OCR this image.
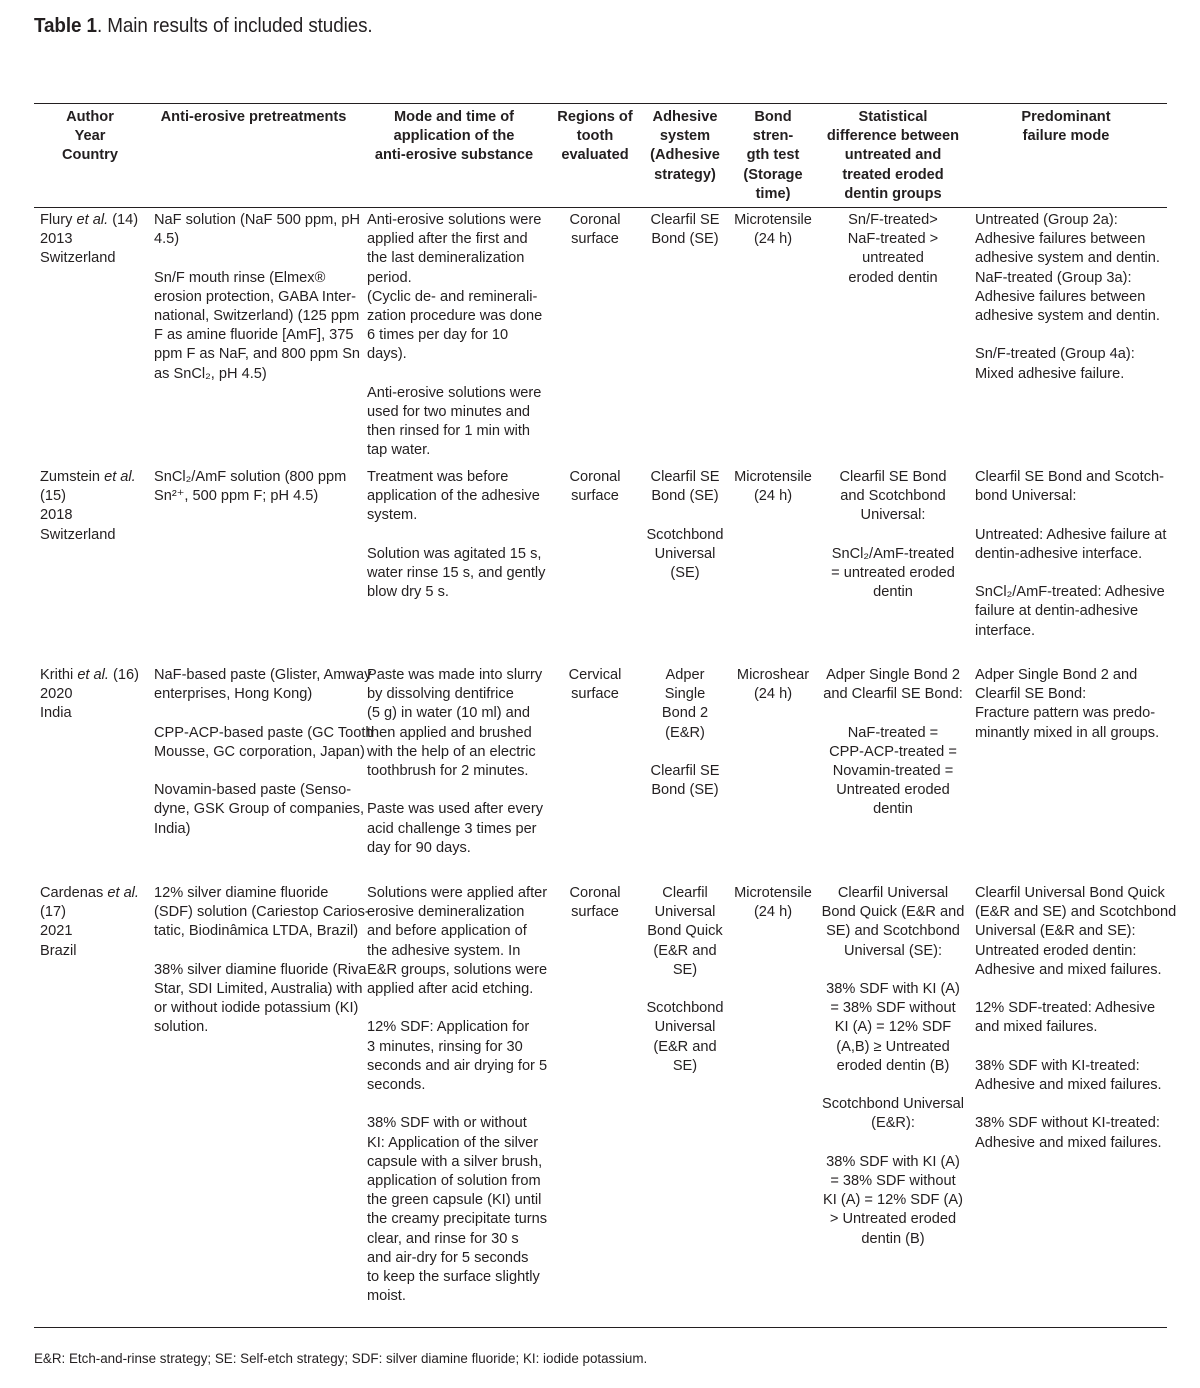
Table 1. Main results of included studies.
Author
Year
Country
Anti-erosive pretreatments	Mode and time of
application of the
anti-erosive substance
Regions of
tooth
evaluated
Adhesive
system
(Adhesive
strategy)
Bond
stren-
gth test
(Storage
time)
Statistical
difference between
untreated and
treated eroded
dentin groups
Predominant
failure mode
Flury et al. (14)
2013
Switzerland
NaF solution (NaF 500 ppm, pH
4.5)
Sn/F mouth rinse (Elmex®
erosion protection, GABA Inter-
national, Switzerland) (125 ppm
F as amine fluoride [AmF], 375
ppm F as NaF, and 800 ppm Sn
as SnCl₂, pH 4.5)
Anti-erosive solutions were
applied after the first and
the last demineralization
period.
(Cyclic de- and reminerali-
zation procedure was done
6 times per day for 10
days).
Anti-erosive solutions were
used for two minutes and
then rinsed for 1 min with
tap water.
Coronal
surface
Clearfil SE
Bond (SE)
Microtensile
(24 h)
Sn/F-treated>
NaF-treated >
untreated
eroded dentin
Untreated (Group 2a):
Adhesive failures between
adhesive system and dentin.
NaF-treated (Group 3a):
Adhesive failures between
adhesive system and dentin.
Sn/F-treated (Group 4a):
Mixed adhesive failure.
Zumstein et al.
(15)
2018
Switzerland
SnCl₂/AmF solution (800 ppm
Sn²⁺, 500 ppm F; pH 4.5)
Treatment was before
application of the adhesive
system.
Solution was agitated 15 s,
water rinse 15 s, and gently
blow dry 5 s.
Coronal
surface
Clearfil SE
Bond (SE)
Scotchbond
Universal
(SE)
Microtensile
(24 h)
Clearfil SE Bond
and Scotchbond
Universal:
SnCl₂/AmF-treated
= untreated eroded
dentin
Clearfil SE Bond and Scotch-
bond Universal:
Untreated: Adhesive failure at
dentin-adhesive interface.
SnCl₂/AmF-treated: Adhesive
failure at dentin-adhesive
interface.
Krithi et al. (16)
2020
India
NaF-based paste (Glister, Amway
enterprises, Hong Kong)
CPP-ACP-based paste (GC Tooth
Mousse, GC corporation, Japan)
Novamin-based paste (Senso-
dyne, GSK Group of companies,
India)
Paste was made into slurry
by dissolving dentifrice
(5 g) in water (10 ml) and
then applied and brushed
with the help of an electric
toothbrush for 2 minutes.
Paste was used after every
acid challenge 3 times per
day for 90 days.
Cervical
surface
Adper
Single
Bond 2
(E&R)
Clearfil SE
Bond (SE)
Microshear
(24 h)
Adper Single Bond 2
and Clearfil SE Bond:
NaF-treated =
CPP-ACP-treated =
Novamin-treated =
Untreated eroded
dentin
Adper Single Bond 2 and
Clearfil SE Bond:
Fracture pattern was predo-
minantly mixed in all groups.
Cardenas et al.
(17)
2021
Brazil
12% silver diamine fluoride
(SDF) solution (Cariestop Carios-
tatic, Biodinâmica LTDA, Brazil)
38% silver diamine fluoride (Riva
Star, SDI Limited, Australia) with
or without iodide potassium (KI)
solution.
Solutions were applied after
erosive demineralization
and before application of
the adhesive system. In
E&R groups, solutions were
applied after acid etching.
12% SDF: Application for
3 minutes, rinsing for 30
seconds and air drying for 5
seconds.
38% SDF with or without
KI: Application of the silver
capsule with a silver brush,
application of solution from
the green capsule (KI) until
the creamy precipitate turns
clear, and rinse for 30 s
and air-dry for 5 seconds
to keep the surface slightly
moist.
Coronal
surface
Clearfil
Universal
Bond Quick
(E&R and
SE)
Scotchbond
Universal
(E&R and
SE)
Microtensile
(24 h)
Clearfil Universal
Bond Quick (E&R and
SE) and Scotchbond
Universal (SE):
38% SDF with KI (A)
= 38% SDF without
KI (A) = 12% SDF
(A,B) ≥ Untreated
eroded dentin (B)
Scotchbond Universal
(E&R):
38% SDF with KI (A)
= 38% SDF without
KI (A) = 12% SDF (A)
> Untreated eroded
dentin (B)
Clearfil Universal Bond Quick
(E&R and SE) and Scotchbond
Universal (E&R and SE):
Untreated eroded dentin:
Adhesive and mixed failures.
12% SDF-treated: Adhesive
and mixed failures.
38% SDF with KI-treated:
Adhesive and mixed failures.
38% SDF without KI-treated:
Adhesive and mixed failures.
E&R: Etch-and-rinse strategy; SE: Self-etch strategy; SDF: silver diamine fluoride; KI: iodide potassium.
